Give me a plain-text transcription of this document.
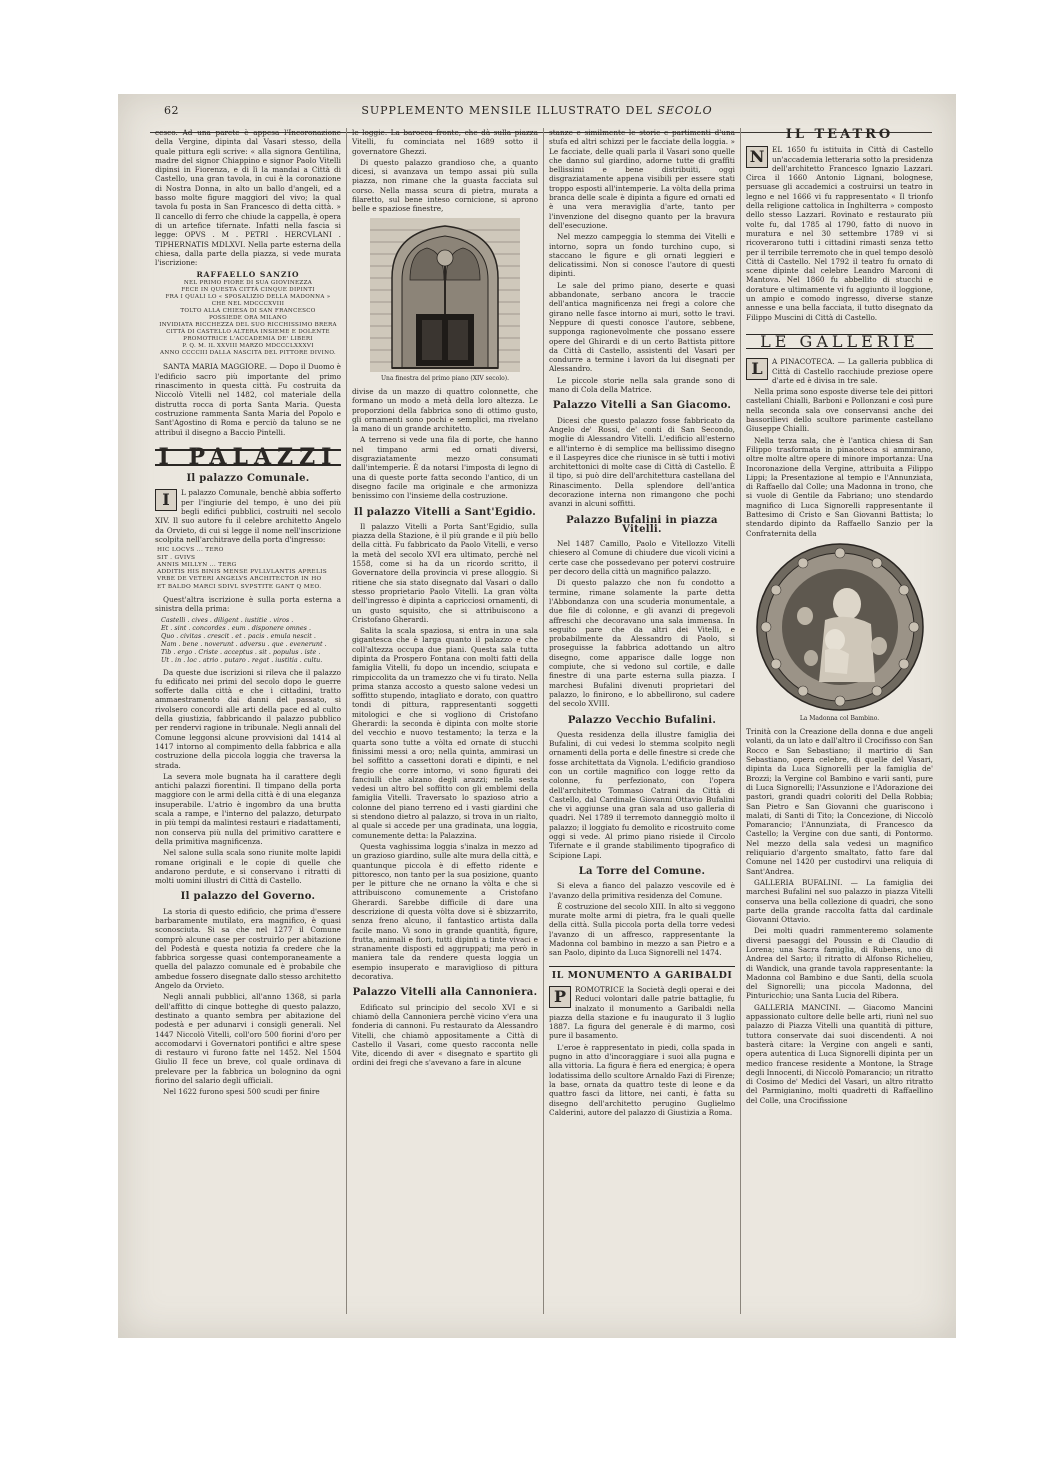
62	SUPPLEMENTO MENSILE ILLUSTRATO DEL SECOLO

cesco. Ad una parete è appesa l'Incoronazione della Vergine, dipinta dal Vasari stesso, della quale pittura egli scrive: « alla signora Gentilina, madre del signor Chiappino e signor Paolo Vitelli dipinsi in Fiorenza, e di lì la mandai a Città di Castello, una gran tavola, in cui è la coronazione di Nostra Donna, in alto un ballo d'angeli, ed a basso molte figure maggiori del vivo; la qual tavola fu posta in San Francesco di detta città. » Il cancello di ferro che chiude la cappella, è opera di un artefice tifernate. Infatti nella fascia si legge: OPVS . M . PETRI . HERCVLANI . TIPHERNATIS MDLXVI. Nella parte esterna della chiesa, dalla parte della piazza, si vede murata l'iscrizione:

RAFFAELLO SANZIO
NEL PRIMO FIORE DI SUA GIOVINEZZA
FECE IN QUESTA CITTÀ CINQUE DIPINTI
FRA I QUALI LO « SPOSALIZIO DELLA MADONNA »
CHE NEL MDCCCXVIII
TOLTO ALLA CHIESA DI SAN FRANCESCO
POSSIEDE ORA MILANO
INVIDIATA RICCHEZZA DEL SUO RICCHISSIMO BRERA
CITTÀ DI CASTELLO ALTERA INSIEME E DOLENTE
PROMOTRICE L'ACCADEMIA DE' LIBERI
P. Q. M. IL XXVIII MARZO MDCCCLXXXVI
ANNO CCCCIII DALLA NASCITA DEL PITTORE DIVINO.

SANTA MARIA MAGGIORE. — Dopo il Duomo è l'edificio sacro più importante del primo rinascimento in questa città. Fu costruita da Niccolò Vitelli nel 1482, col materiale della distrutta rocca di porta Santa Maria. Questa costruzione rammenta Santa Maria del Popolo e Sant'Agostino di Roma e perciò da taluno se ne attribuì il disegno a Baccio Pintelli.

I PALAZZI
Il palazzo Comunale.
I	L palazzo Comunale, benchè abbia sofferto per l'ingiurie del tempo, è uno dei più begli edifici pubblici, costruiti nel secolo XIV. Il suo autore fu il celebre architetto Angelo da Orvieto, di cui si legge il nome nell'inscrizione scolpita nell'architrave della porta d'ingresso:

HIC LOCVS ... TERO
SIT . GVIVS
ANNIS MILLYN ... TERG
ADDITIS HIS BINIS MENSE PVLLVLANTIS APRELIS
VRBE DE VETERI ANGELVS ARCHITECTOR IN HO
ET BALDO MARCI SDIVL SVPSTITE GANT Q MEO.

Quest'altra iscrizione è sulla porta esterna a sinistra della prima:

Castelli . cives . diligent . iustitie . viros .
Et . sint . concordes . eum . disponere omnes .
Quo . civitas . crescit . et . pacis . emula nescit .
Nam . bene . noverunt . adversu . que . evenerunt .
Tib . ergo . Criste . acceptus . sit . populus . iste .
Ut . in . loc . atrio . putaro . regat . iustitia . cultu.

Da queste due iscrizioni si rileva che il palazzo fu edificato nei primi del secolo dopo le guerre sofferte dalla città e che i cittadini, tratto ammaestramento dai danni del passato, si rivolsero concordi alle arti della pace ed al culto della giustizia, fabbricando il palazzo pubblico per rendervi ragione in tribunale. Negli annali del Comune leggonsi alcune provvisioni dal 1414 al 1417 intorno al compimento della fabbrica e alla costruzione della piccola loggia che traversa la strada.

La severa mole bugnata ha il carattere degli antichi palazzi fiorentini. Il timpano della porta maggiore con le armi della città è di una eleganza insuperabile. L'atrio è ingombro da una brutta scala a rampe, e l'interno del palazzo, deturpato in più tempi da malintesi restauri e riadattamenti, non conserva più nulla del primitivo carattere e della primitiva magnificenza.

Nel salone sulla scala sono riunite molte lapidi romane originali e le copie di quelle che andarono perdute, e si conservano i ritratti di molti uomini illustri di Città di Castello.

Il palazzo del Governo.

La storia di questo edificio, che prima d'essere barbaramente mutilato, era magnifico, è quasi sconosciuta. Si sa che nel 1277 il Comune comprò alcune case per costruirlo per abitazione del Podestà e questa notizia fa credere che la fabbrica sorgesse quasi contemporaneamente a quella del palazzo comunale ed è probabile che ambedue fossero disegnate dallo stesso architetto Angelo da Orvieto.

Negli annali pubblici, all'anno 1368, si parla dell'affitto di cinque botteghe di questo palazzo, destinato a quanto sembra per abitazione del podestà e per adunarvi i consigli generali. Nel 1447 Niccolò Vitelli, coll'oro 500 fiorini d'oro per accomodarvi i Governatori pontifici e altre spese di restauro vi furono fatte nel 1452. Nel 1504 Giulio II fece un breve, col quale ordinava di prelevare per la fabbrica un bolognino da ogni fiorino del salario degli ufficiali.

Nel 1622 furono spesi 500 scudi per finire

le loggie. La barocca fronte, che dà sulla piazza Vitelli, fu cominciata nel 1689 sotto il governatore Ghezzi.

Di questo palazzo grandioso che, a quanto dicesi, si avanzava un tempo assai più sulla piazza, non rimane che la guasta facciata sul corso. Nella massa scura di pietra, murata a filaretto, sul bene inteso cornicione, si aprono belle e spaziose finestre,

Una finestra del primo piano (XIV secolo).

divise da un mazzo di quattro colonnette, che formano un modo a metà della loro altezza. Le proporzioni della fabbrica sono di ottimo gusto, gli ornamenti sono pochi e semplici, ma rivelano la mano di un grande architetto.

A terreno si vede una fila di porte, che hanno nel timpano armi ed ornati diversi, disgraziatamente mezzo consumati dall'intemperie. È da notarsi l'imposta di legno di una di queste porte fatta secondo l'antico, di un disegno facile ma originale e che armonizza benissimo con l'insieme della costruzione.

Il palazzo Vitelli a Sant'Egidio.

Il palazzo Vitelli a Porta Sant'Egidio, sulla piazza della Stazione, è il più grande e il più bello della città. Fu fabbricato da Paolo Vitelli, e verso la metà del secolo XVI era ultimato, perchè nel 1558, come si ha da un ricordo scritto, il Governatore della provincia vi prese alloggio. Si ritiene che sia stato disegnato dal Vasari o dallo stesso proprietario Paolo Vitelli. La gran vòlta dell'ingresso è dipinta a capricciosi ornamenti, di un gusto squisito, che si attribuiscono a Cristofano Gherardi.

Salita la scala spaziosa, si entra in una sala gigantesca che è larga quanto il palazzo e che coll'altezza occupa due piani. Questa sala tutta dipinta da Prospero Fontana con molti fatti della famiglia Vitelli, fu dopo un incendio, sciupata e rimpiccolita da un tramezzo che vi fu tirato. Nella prima stanza accosto a questo salone vedesi un soffitto stupendo, intagliato e dorato, con quattro tondi di pittura, rappresentanti soggetti mitologici e che si vogliono di Cristofano Gherardi: la seconda è dipinta con molte storie del vecchio e nuovo testamento; la terza e la quarta sono tutte a vòlta ed ornate di stucchi finissimi messi a oro; nella quinta, ammirasi un bel soffitto a cassettoni dorati e dipinti, e nel fregio che corre intorno, vi sono figurati dei fanciulli che alzano degli arazzi; nella sesta vedesi un altro bel soffitto con gli emblemi della famiglia Vitelli. Traversato lo spazioso atrio a colonne del piano terreno ed i vasti giardini che si stendono dietro al palazzo, si trova in un rialto, al quale si accede per una gradinata, una loggia, comunemente detta: la Palazzina.

Questa vaghissima loggia s'inalza in mezzo ad un grazioso giardino, sulle alte mura della città, e quantunque piccola è di effetto ridente e pittoresco, non tanto per la sua posizione, quanto per le pitture che ne ornano la vòlta e che si attribuiscono comunemente a Cristofano Gherardi. Sarebbe difficile di dare una descrizione di questa vòlta dove si è sbizzarrito, senza freno alcuno, il fantastico artista dalla facile mano. Vi sono in grande quantità, figure, frutta, animali e fiori, tutti dipinti a tinte vivaci e stranamente disposti ed aggruppati; ma però in maniera tale da rendere questa loggia un esempio insuperato e maraviglioso di pittura decorativa.

Palazzo Vitelli alla Cannoniera.

Edificato sul principio del secolo XVI e si chiamò della Cannoniera perchè vicino v'era una fonderia di cannoni. Fu restaurato da Alessandro Vitelli, che chiamò appositamente a Città di Castello il Vasari, come questo racconta nelle Vite, dicendo di aver « disegnato e spartito gli ordini dei fregi che s'avevano a fare in alcune

stanze e similmente le storie e partimenti d'una stufa ed altri schizzi per le facciate della loggia. » Le facciate, delle quali parla il Vasari sono quelle che danno sul giardino, adorne tutte di graffiti bellissimi e bene distribuiti, oggi disgraziatamente appena visibili per essere stati troppo esposti all'intemperie. La vòlta della prima branca delle scale è dipinta a figure ed ornati ed è una vera meraviglia d'arte, tanto per l'invenzione del disegno quanto per la bravura dell'esecuzione.

Nel mezzo campeggia lo stemma dei Vitelli e intorno, sopra un fondo turchino cupo, si staccano le figure e gli ornati leggieri e delicatissimi. Non si conosce l'autore di questi dipinti.

Le sale del primo piano, deserte e quasi abbandonate, serbano ancora le traccie dell'antica magnificenza nei fregi a colore che girano nelle fasce intorno ai muri, sotto le travi. Neppure di questi conosce l'autore, sebbene, supponga ragionevolmente che possano essere opere del Ghirardi e di un certo Battista pittore da Città di Castello, assistenti del Vasari per condurre a termine i lavori da lui disegnati per Alessandro.

Le piccole storie nella sala grande sono di mano di Cola della Matrice.

Palazzo Vitelli a San Giacomo.

Dicesi che questo palazzo fosse fabbricato da Angelo de' Rossi, de' conti di San Secondo, moglie di Alessandro Vitelli. L'edificio all'esterno e all'interno è di semplice ma bellissimo disegno e il Laspeyres dice che riunisce in sè tutti i motivi architettonici di molte case di Città di Castello. È il tipo, si può dire dell'architettura castellana del Rinascimento. Della splendore dell'antica decorazione interna non rimangono che pochi avanzi in alcuni soffitti.

Palazzo Bufalini in piazza Vitelli.

Nel 1487 Camillo, Paolo e Vitellozzo Vitelli chiesero al Comune di chiudere due vicoli vicini a certe case che possedevano per potervi costruire per decoro della città un magnifico palazzo.

Di questo palazzo che non fu condotto a termine, rimane solamente la parte detta l'Abbondanza con una scuderia monumentale, a due file di colonne, e gli avanzi di pregevoli affreschi che decoravano una sala immensa. In seguito pare che da altri dei Vitelli, e probabilmente da Alessandro di Paolo, si proseguisse la fabbrica adottando un altro disegno, come apparisce dalle logge non compiute, che si vedono sul cortile, e dalle finestre di una parte esterna sulla piazza. I marchesi Bufalini divenuti proprietari del palazzo, lo finirono, e lo abbellirono, sul cadere del secolo XVIII.

Palazzo Vecchio Bufalini.

Questa residenza della illustre famiglia dei Bufalini, di cui vedesi lo stemma scolpito negli ornamenti della porta e delle finestre si crede che fosse architettata da Vignola. L'edificio grandioso con un cortile magnifico con logge retto da colonne, fu perfezionato, con l'opera dell'architetto Tommaso Catrani da Città di Castello, dal Cardinale Giovanni Ottavio Bufalini che vi aggiunse una gran sala ad uso galleria di quadri. Nel 1789 il terremoto danneggiò molto il palazzo; il loggiato fu demolito e ricostruito come oggi si vede. Al primo piano risiede il Circolo Tifernate e il grande stabilimento tipografico di Scipione Lapi.

La Torre del Comune.

Si eleva a fianco del palazzo vescovile ed è l'avanzo della primitiva residenza del Comune.

È costruzione del secolo XIII. In alto si veggono murate molte armi di pietra, fra le quali quelle della città. Sulla piccola porta della torre vedesi l'avanzo di un affresco, rappresentante la Madonna col bambino in mezzo a san Pietro e a san Paolo, dipinto da Luca Signorelli nel 1474.

IL MONUMENTO A GARIBALDI
P	ROMOTRICE la Società degli operai e dei Reduci volontari dalle patrie battaglie, fu inalzato il monumento a Garibaldi nella piazza della stazione e fu inaugurato il 3 luglio 1887. La figura del generale è di marmo, così pure il basamento.

L'eroe è rappresentato in piedi, colla spada in pugno in atto d'incoraggiare i suoi alla pugna e alla vittoria. La figura è fiera ed energica; è opera lodatissima dello scultore Arnaldo Fazi di Firenze; la base, ornata da quattro teste di leone e da quattro fasci da littore, nei canti, è fatta su disegno dell'architetto perugino Guglielmo Calderini, autore del palazzo di Giustizia a Roma.

IL TEATRO
N	EL 1650 fu istituita in Città di Castello un'accademia letteraria sotto la presidenza dell'architetto Francesco Ignazio Lazzari. Circa il 1660 Antonio Lignani, bolognese, persuase gli accademici a costruirsi un teatro in legno e nel 1666 vi fu rappresentato « Il trionfo della religione cattolica in Inghilterra » composto dello stesso Lazzari. Rovinato e restaurato più volte fu, dal 1785 al 1790, fatto di nuovo in muratura e nel 30 settembre 1789 vi si ricoverarono tutti i cittadini rimasti senza tetto per il terribile terremoto che in quel tempo desolò Città di Castello. Nel 1792 il teatro fu ornato di scene dipinte dal celebre Leandro Marconi di Mantova. Nel 1860 fu abbellito di stucchi e dorature e ultimamente vi fu aggiunto il loggione, un ampio e comodo ingresso, diverse stanze annesse e una bella facciata, il tutto disegnato da Filippo Muscini di Città di Castello.

LE GALLERIE
L	A PINACOTECA. — La galleria pubblica di Città di Castello racchiude preziose opere d'arte ed è divisa in tre sale.

Nella prima sono esposte diverse tele dei pittori castellani Chialli, Barboni e Pollonzani e così pure nella seconda sala ove conservansi anche dei bassorilievi dello scultore parimente castellano Giuseppe Chialli.

Nella terza sala, che è l'antica chiesa di San Filippo trasformata in pinacoteca si ammirano, oltre molte altre opere di minore importanza: Una Incoronazione della Vergine, attribuita a Filippo Lippi; la Presentazione al tempio e l'Annunziata, di Raffaello dal Colle; una Madonna in trono, che si vuole di Gentile da Fabriano; uno stendardo magnifico di Luca Signorelli rappresentante il Battesimo di Cristo e San Giovanni Battista; lo stendardo dipinto da Raffaello Sanzio per la Confraternita della

La Madonna col Bambino.

Trinità con la Creazione della donna e due angeli volanti, da un lato e dall'altro il Crocifisso con San Rocco e San Sebastiano; il martirio di San Sebastiano, opera celebre, di quelle del Vasari, dipinta da Luca Signorelli per la famiglia de' Brozzi; la Vergine col Bambino e varii santi, pure di Luca Signorelli; l'Assunzione e l'Adorazione dei pastori, grandi quadri coloriti del Della Robbia; San Pietro e San Giovanni che guariscono i malati, di Santi di Tito; la Concezione, di Niccolò Pomarancio; l'Annunziata, di Francesco da Castello; la Vergine con due santi, di Pontormo. Nel mezzo della sala vedesi un magnifico reliquiario d'argento smaltato, fatto fare dal Comune nel 1420 per custodirvi una reliquia di Sant'Andrea.

GALLERIA BUFALINI. — La famiglia dei marchesi Bufalini nel suo palazzo in piazza Vitelli conserva una bella collezione di quadri, che sono parte della grande raccolta fatta dal cardinale Giovanni Ottavio.

Dei molti quadri rammenteremo solamente diversi paesaggi del Poussin e di Claudio di Lorena; una Sacra famiglia, di Rubens, uno di Andrea del Sarto; il ritratto di Alfonso Richelieu, di Wandick, una grande tavola rappresentante: la Madonna col Bambino e due Santi, della scuola del Signorelli; una piccola Madonna, del Pinturicchio; una Santa Lucia del Ribera.

GALLERIA MANCINI. — Giacomo Mancini appassionato cultore delle belle arti, riunì nel suo palazzo di Piazza Vitelli una quantità di pitture, tuttora conservate dai suoi discendenti. A noi basterà citare: la Vergine con angeli e santi, opera autentica di Luca Signorelli dipinta per un medico francese residente a Montone, la Strage degli Innocenti, di Niccolò Pomarancio; un ritratto di Cosimo de' Medici del Vasari, un altro ritratto del Parmigianino, molti quadretti di Raffaellino del Colle, una Crocifissione
